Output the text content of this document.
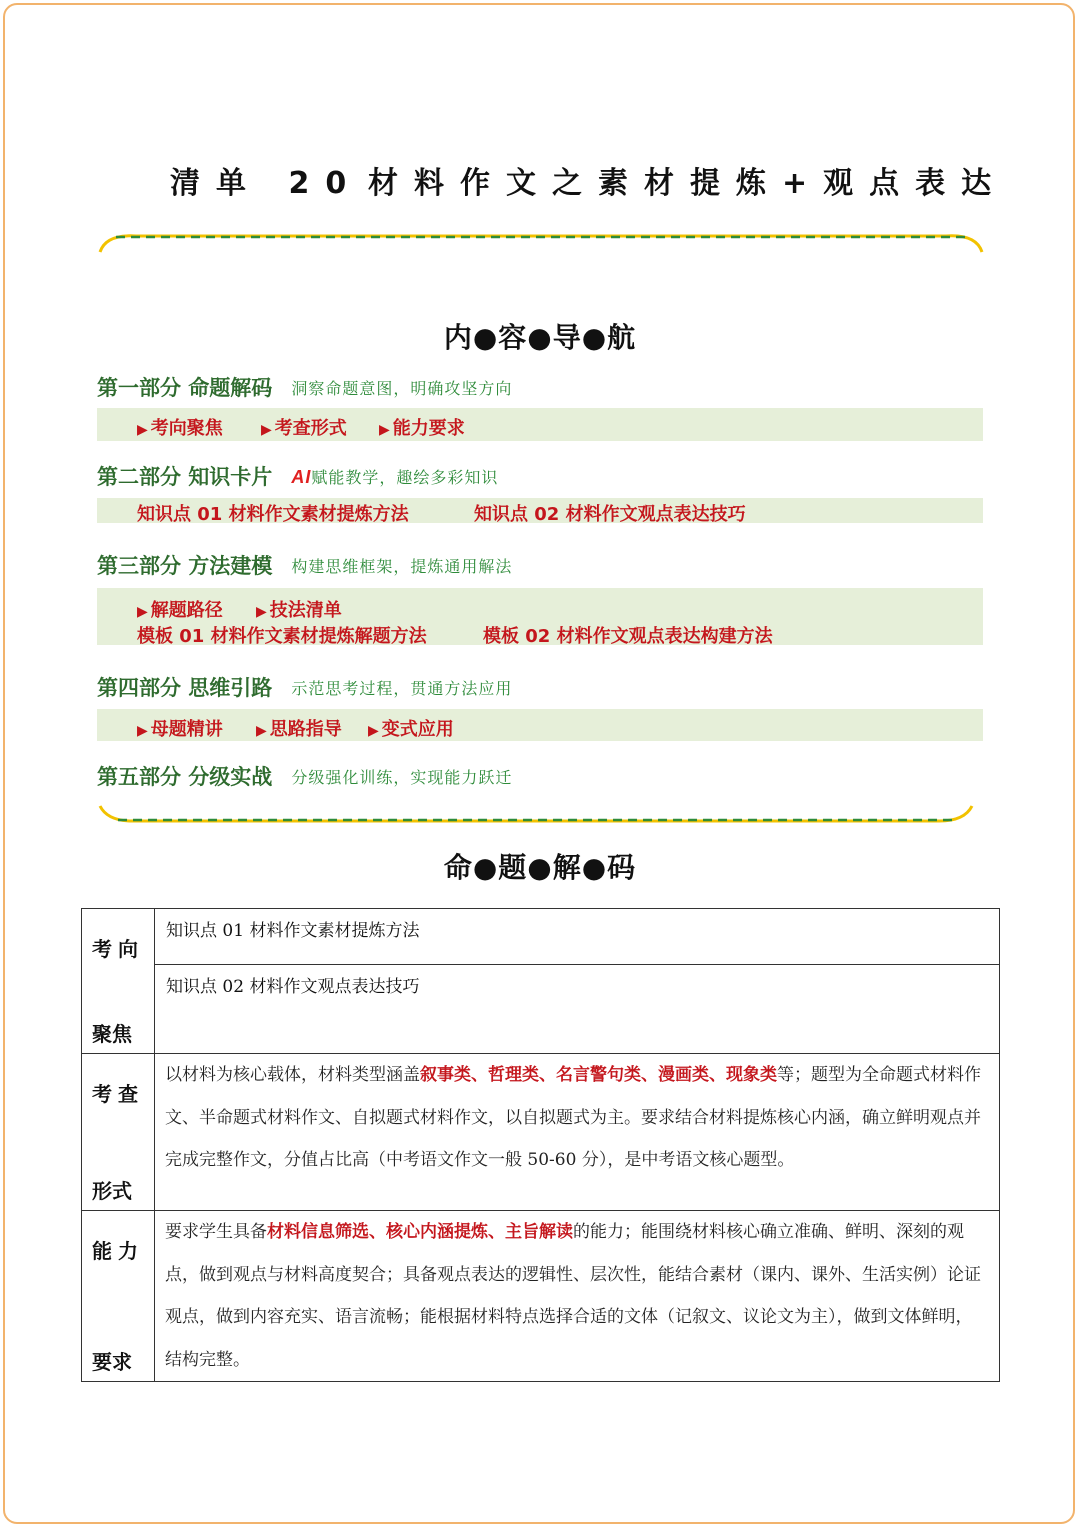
清单 20 材料作文之素材提炼+观点表达
内●容●导●航
第一部分 命题解码 洞察命题意图，明确攻坚方向
▶ 考向聚焦	▶ 考查形式 ▶ 能力要求
第二部分 知识卡片 AI赋能教学，趣绘多彩知识
知识点 01 材料作文素材提炼方法	知识点 02 材料作文观点表达技巧
第三部分 方法建模 构建思维框架，提炼通用解法
▶ 解题路径 ▶ 技法清单
模板 01 材料作文素材提炼解题方法	模板 02 材料作文观点表达构建方法
第四部分 思维引路 示范思考过程，贯通方法应用
▶ 母题精讲 ▶ 思路指导 ▶ 变式应用
第五部分 分级实战 分级强化训练，实现能力跃迁
命●题●解●码
考向
聚焦	知识点 01 材料作文素材提炼方法

	知识点 02 材料作文观点表达技巧

考查
形式	以材料为核心载体，材料类型涵盖叙事类、哲理类、名言警句类、漫画类、现象类等；题型为全命题式材料作文、半命题式材料作文、自拟题式材料作文，以自拟题式为主。要求结合材料提炼核心内涵，确立鲜明观点并完成完整作文，分值占比高（中考语文作文一般 50-60 分），是中考语文核心题型。

能力
要求	要求学生具备材料信息筛选、核心内涵提炼、主旨解读的能力；能围绕材料核心确立准确、鲜明、深刻的观点，做到观点与材料高度契合；具备观点表达的逻辑性、层次性，能结合素材（课内、课外、生活实例）论证观点，做到内容充实、语言流畅；能根据材料特点选择合适的文体（记叙文、议论文为主），做到文体鲜明，结构完整。
